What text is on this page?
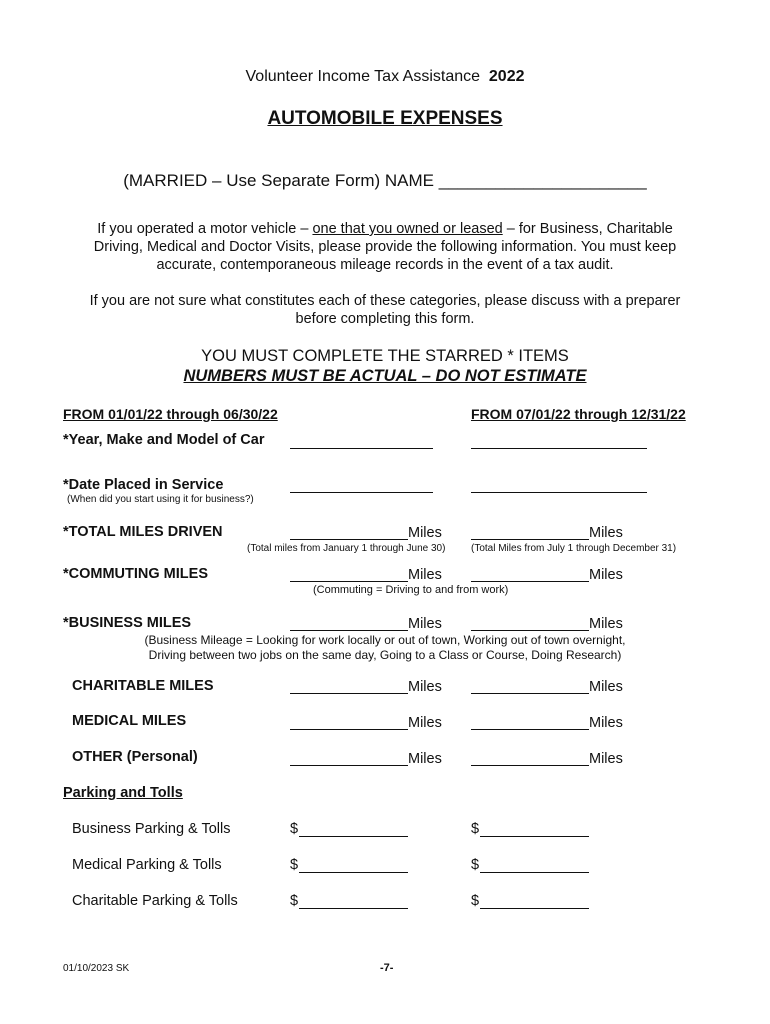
Volunteer Income Tax Assistance 2022
AUTOMOBILE EXPENSES
(MARRIED – Use Separate Form) NAME ______________________
If you operated a motor vehicle – one that you owned or leased – for Business, Charitable
Driving, Medical and Doctor Visits, please provide the following information. You must keep
accurate, contemporaneous mileage records in the event of a tax audit.
If you are not sure what constitutes each of these categories, please discuss with a preparer
before completing this form.
YOU MUST COMPLETE THE STARRED * ITEMS
NUMBERS MUST BE ACTUAL – DO NOT ESTIMATE
FROM 01/01/22 through 06/30/22	FROM 07/01/22 through 12/31/22
*Year, Make and Model of Car
*Date Placed in Service
(When did you start using it for business?)
*TOTAL MILES DRIVEN	Miles	Miles
(Total miles from January 1 through June 30)	(Total Miles from July 1 through December 31)
*COMMUTING MILES	Miles	Miles
(Commuting = Driving to and from work)
*BUSINESS MILES	Miles	Miles
(Business Mileage = Looking for work locally or out of town, Working out of town overnight,
Driving between two jobs on the same day, Going to a Class or Course, Doing Research)
CHARITABLE MILES	Miles	Miles
MEDICAL MILES	Miles	Miles
OTHER (Personal)	Miles	Miles
Parking and Tolls
Business Parking & Tolls	$	$
Medical Parking & Tolls	$	$
Charitable Parking & Tolls	$	$
01/10/2023 SK	-7-
